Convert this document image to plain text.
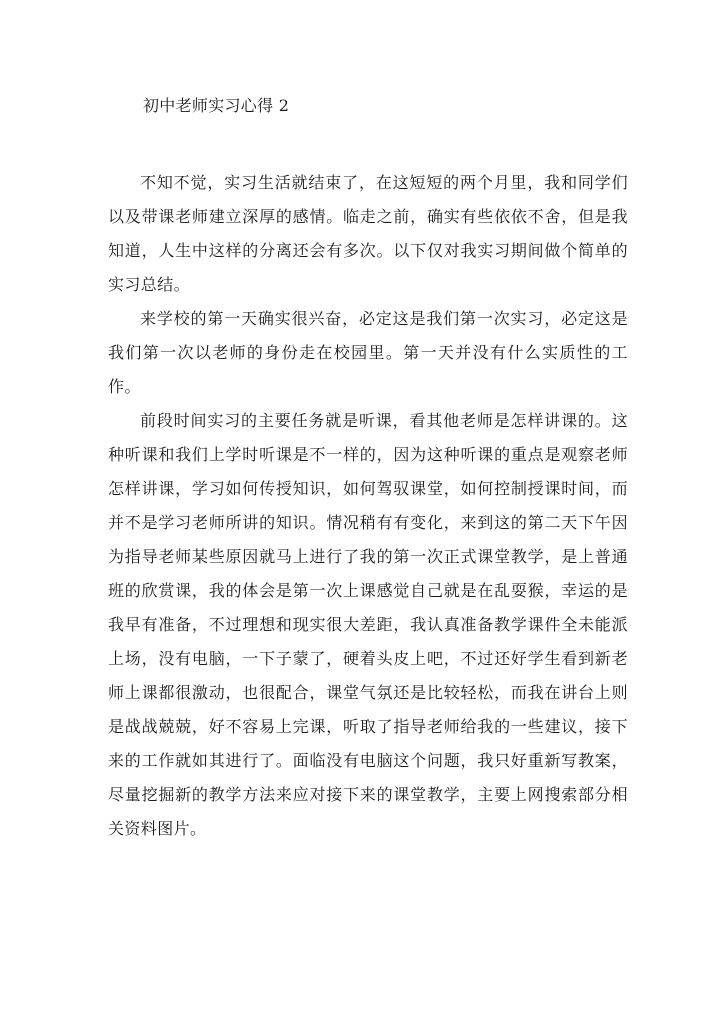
初中老师实习心得 2

不知不觉，实习生活就结束了，在这短短的两个月里，我和同学们以及带课老师建立深厚的感情。临走之前，确实有些依依不舍，但是我知道，人生中这样的分离还会有多次。以下仅对我实习期间做个简单的实习总结。

来学校的第一天确实很兴奋，必定这是我们第一次实习，必定这是我们第一次以老师的身份走在校园里。第一天并没有什么实质性的工作。

前段时间实习的主要任务就是听课，看其他老师是怎样讲课的。这种听课和我们上学时听课是不一样的，因为这种听课的重点是观察老师怎样讲课，学习如何传授知识，如何驾驭课堂，如何控制授课时间，而并不是学习老师所讲的知识。情况稍有有变化，来到这的第二天下午因为指导老师某些原因就马上进行了我的第一次正式课堂教学，是上普通班的欣赏课，我的体会是第一次上课感觉自己就是在乱耍猴，幸运的是我早有准备，不过理想和现实很大差距，我认真准备教学课件全未能派上场，没有电脑，一下子蒙了，硬着头皮上吧，不过还好学生看到新老师上课都很激动，也很配合，课堂气氛还是比较轻松，而我在讲台上则是战战兢兢，好不容易上完课，听取了指导老师给我的一些建议，接下来的工作就如其进行了。面临没有电脑这个问题，我只好重新写教案，尽量挖掘新的教学方法来应对接下来的课堂教学，主要上网搜索部分相关资料图片。
